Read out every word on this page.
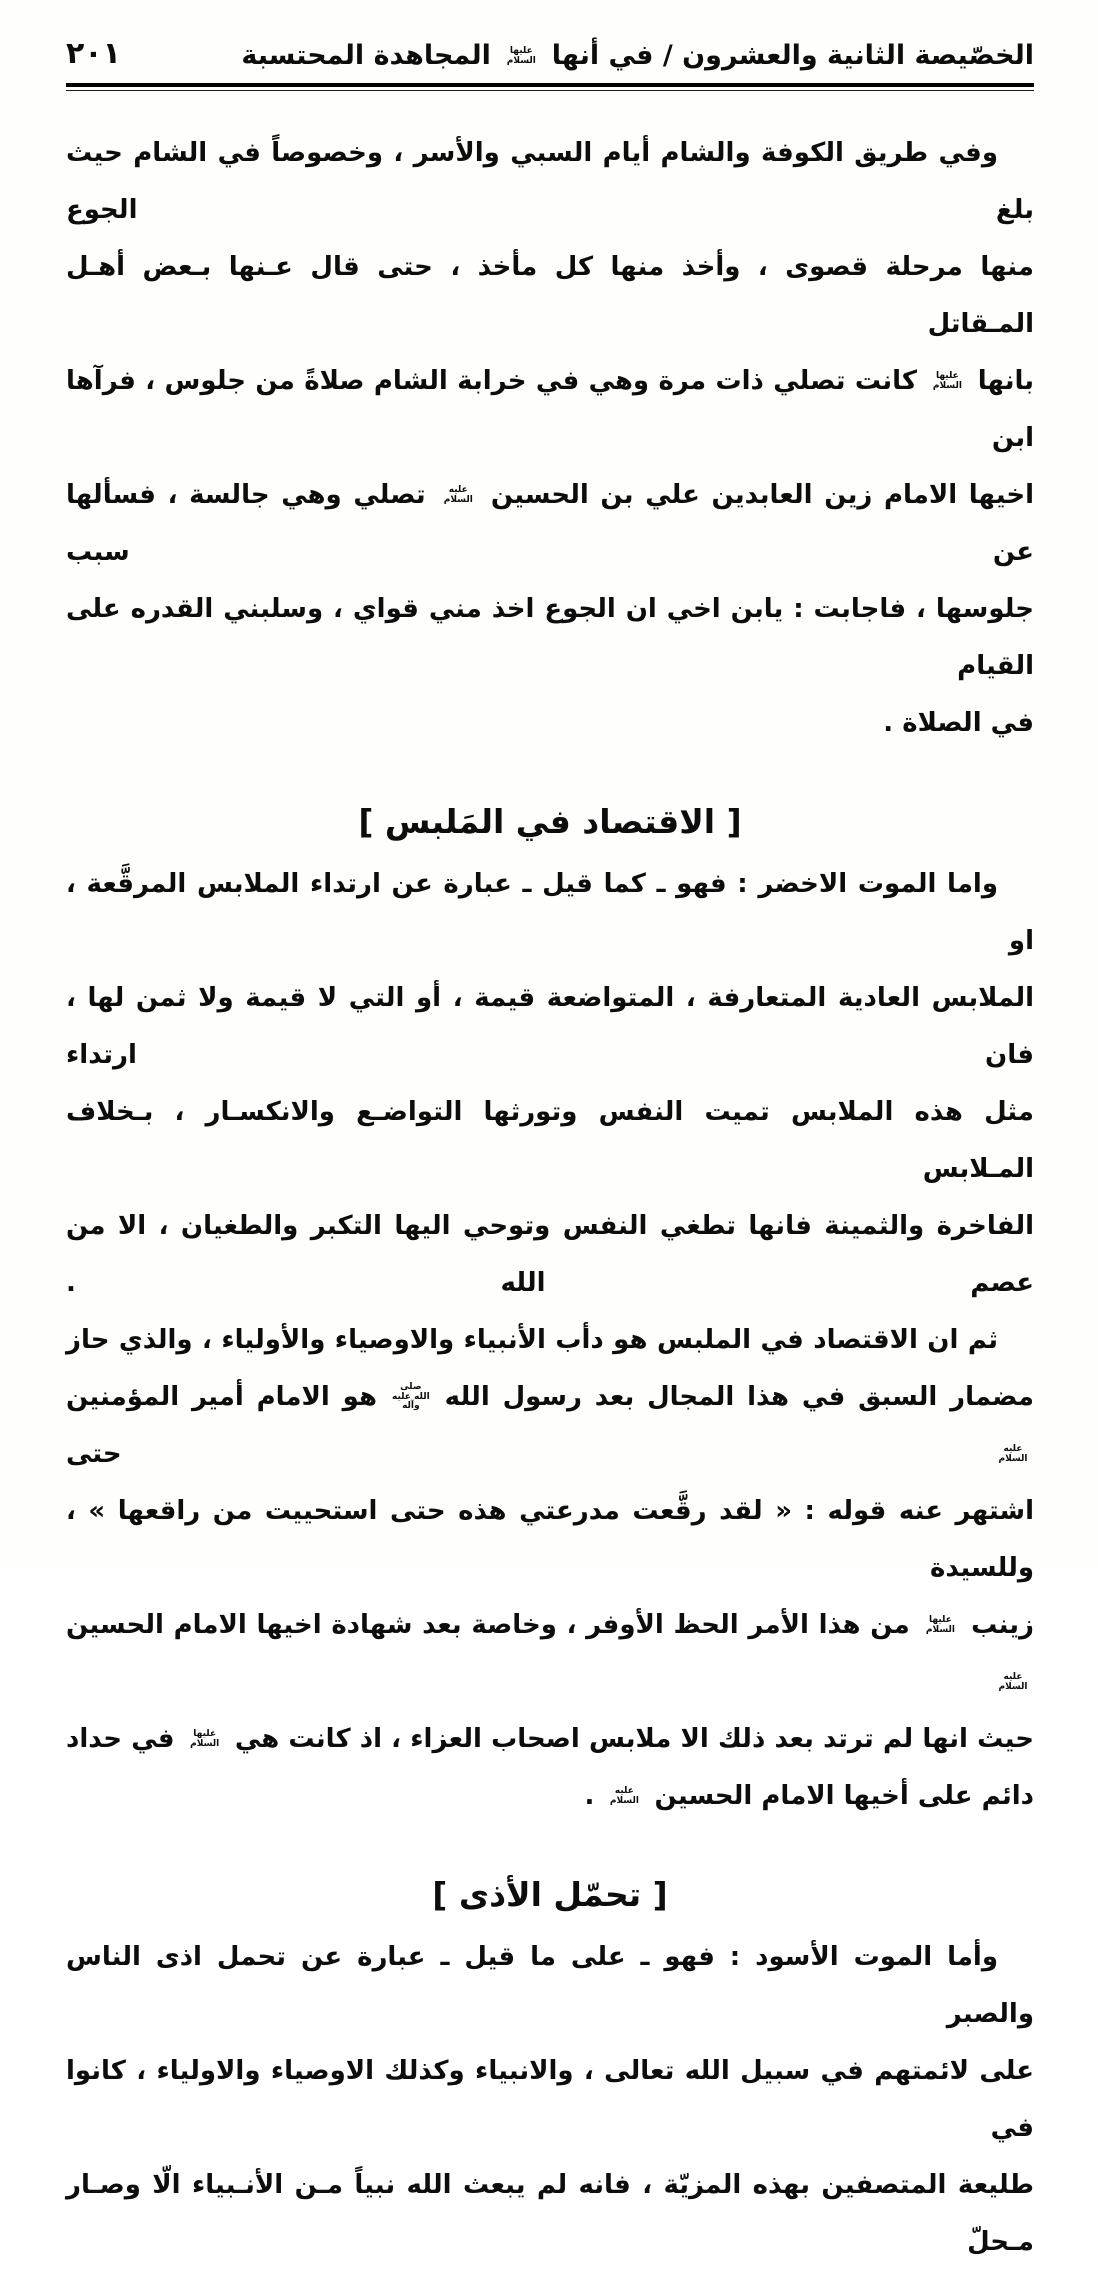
الخصّيصة الثانية والعشرون / في أنها عليها السلام المجاهدة المحتسبة
٢٠١
وفي طريق الكوفة والشام أيام السبي والأسر ، وخصوصاً في الشام حيث بلغ الجوع
منها مرحلة قصوى ، وأخذ منها كل مأخذ ، حتى قال عـنها بـعض أهـل المـقاتل
بانها عليها السلام كانت تصلي ذات مرة وهي في خرابة الشام صلاةً من جلوس ، فرآها ابن
اخيها الامام زين العابدين علي بن الحسين عليه السلام تصلي وهي جالسة ، فسألها عن سبب
جلوسها ، فاجابت : يابن اخي ان الجوع اخذ مني قواي ، وسلبني القدره على القيام
في الصلاة .
[ الاقتصاد في المَلبس ]
واما الموت الاخضر : فهو ـ كما قيل ـ عبارة عن ارتداء الملابس المرقَّعة ، او
الملابس العادية المتعارفة ، المتواضعة قيمة ، أو التي لا قيمة ولا ثمن لها ، فان ارتداء
مثل هذه الملابس تميت النفس وتورثها التواضـع والانكسـار ، بـخلاف المـلابس
الفاخرة والثمينة فانها تطغي النفس وتوحي اليها التكبر والطغيان ، الا من عصم الله .
ثم ان الاقتصاد في الملبس هو دأب الأنبياء والاوصياء والأولياء ، والذي حاز
مضمار السبق في هذا المجال بعد رسول الله صلى الله عليه وآله هو الامام أمير المؤمنين عليه السلام حتى
اشتهر عنه قوله : « لقد رقَّعت مدرعتي هذه حتى استحييت من راقعها » ، وللسيدة
زينب عليها السلام من هذا الأمر الحظ الأوفر ، وخاصة بعد شهادة اخيها الامام الحسين عليه السلام
حيث انها لم ترتد بعد ذلك الا ملابس اصحاب العزاء ، اذ كانت هي عليها السلام في حداد
دائم على أخيها الامام الحسين عليه السلام .
[ تحمّل الأذى ]
وأما الموت الأسود : فهو ـ على ما قيل ـ عبارة عن تحمل اذى الناس والصبر
على لائمتهم في سبيل الله تعالى ، والانبياء وكذلك الاوصياء والاولياء ، كانوا في
طليعة المتصفين بهذه المزيّة ، فانه لم يبعث الله نبياً مـن الأنـبياء الّا وصـار مـحلّ
